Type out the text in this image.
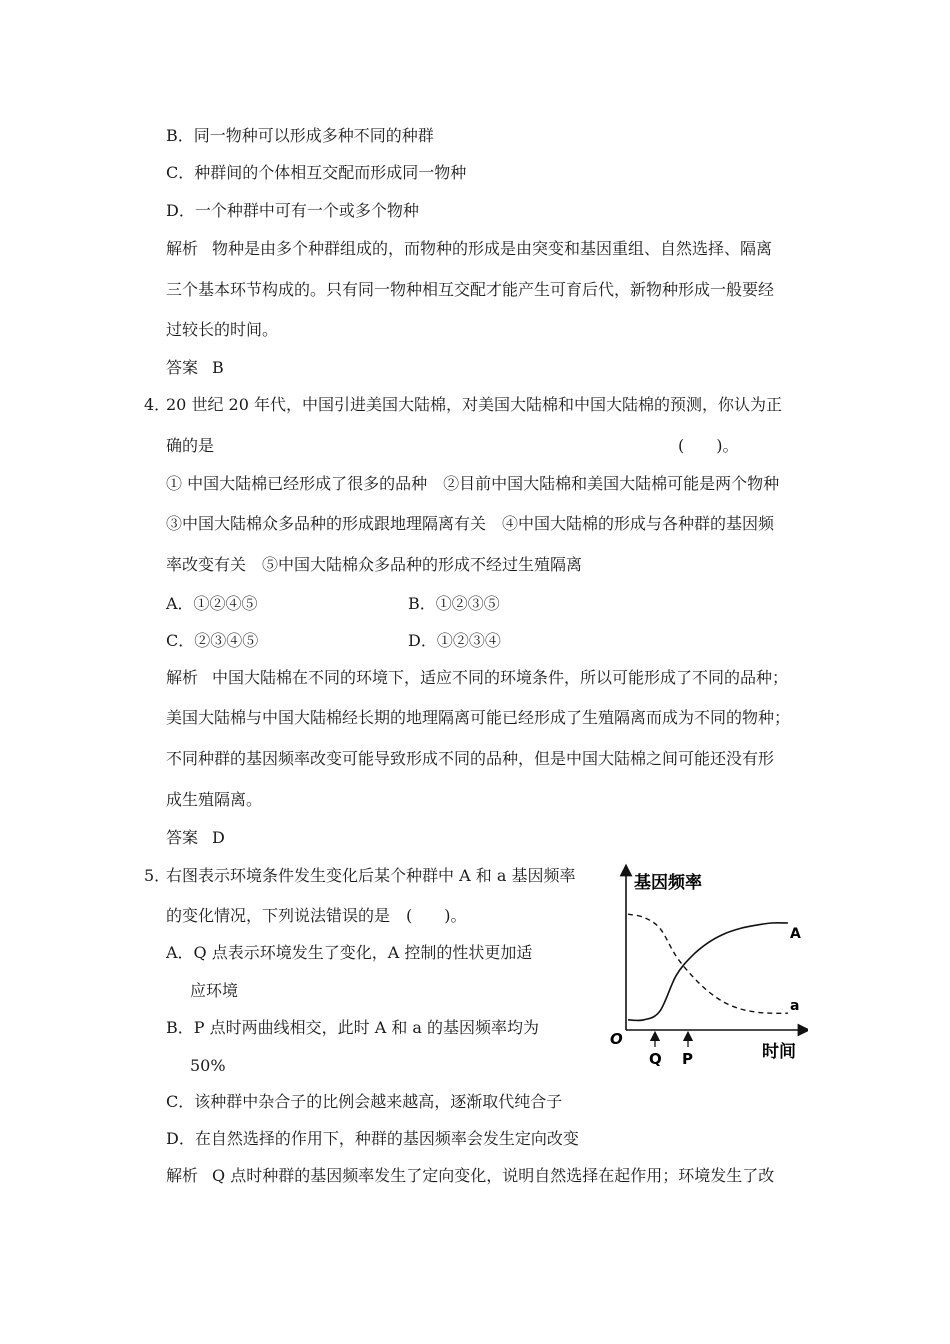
B．同一物种可以形成多种不同的种群
C．种群间的个体相互交配而形成同一物种
D．一个种群中可有一个或多个物种
解析 物种是由多个种群组成的，而物种的形成是由突变和基因重组、自然选择、隔离
三个基本环节构成的。只有同一物种相互交配才能产生可育后代，新物种形成一般要经
过较长的时间。
答案 B
4．
20 世纪 20 年代，中国引进美国大陆棉，对美国大陆棉和中国大陆棉的预测，你认为正
确的是	(　　)。
① 中国大陆棉已经形成了很多的品种　②目前中国大陆棉和美国大陆棉可能是两个物种
③中国大陆棉众多品种的形成跟地理隔离有关　④中国大陆棉的形成与各种群的基因频
率改变有关　⑤中国大陆棉众多品种的形成不经过生殖隔离
A．①②④⑤	B．①②③⑤
C．②③④⑤	D．①②③④
解析 中国大陆棉在不同的环境下，适应不同的环境条件，所以可能形成了不同的品种；
美国大陆棉与中国大陆棉经长期的地理隔离可能已经形成了生殖隔离而成为不同的物种；
不同种群的基因频率改变可能导致形成不同的品种，但是中国大陆棉之间可能还没有形
成生殖隔离。
答案 D
5．
右图表示环境条件发生变化后某个种群中 A 和 a 基因频率
的变化情况，下列说法错误的是　(　　)。
A．Q 点表示环境发生了变化，A 控制的性状更加适
应环境
B．P 点时两曲线相交，此时 A 和 a 的基因频率均为
50%
C．该种群中杂合子的比例会越来越高，逐渐取代纯合子
D．在自然选择的作用下，种群的基因频率会发生定向改变
解析 Q 点时种群的基因频率发生了定向变化，说明自然选择在起作用；环境发生了改
基因频率
时间
O
A
a
Q P
